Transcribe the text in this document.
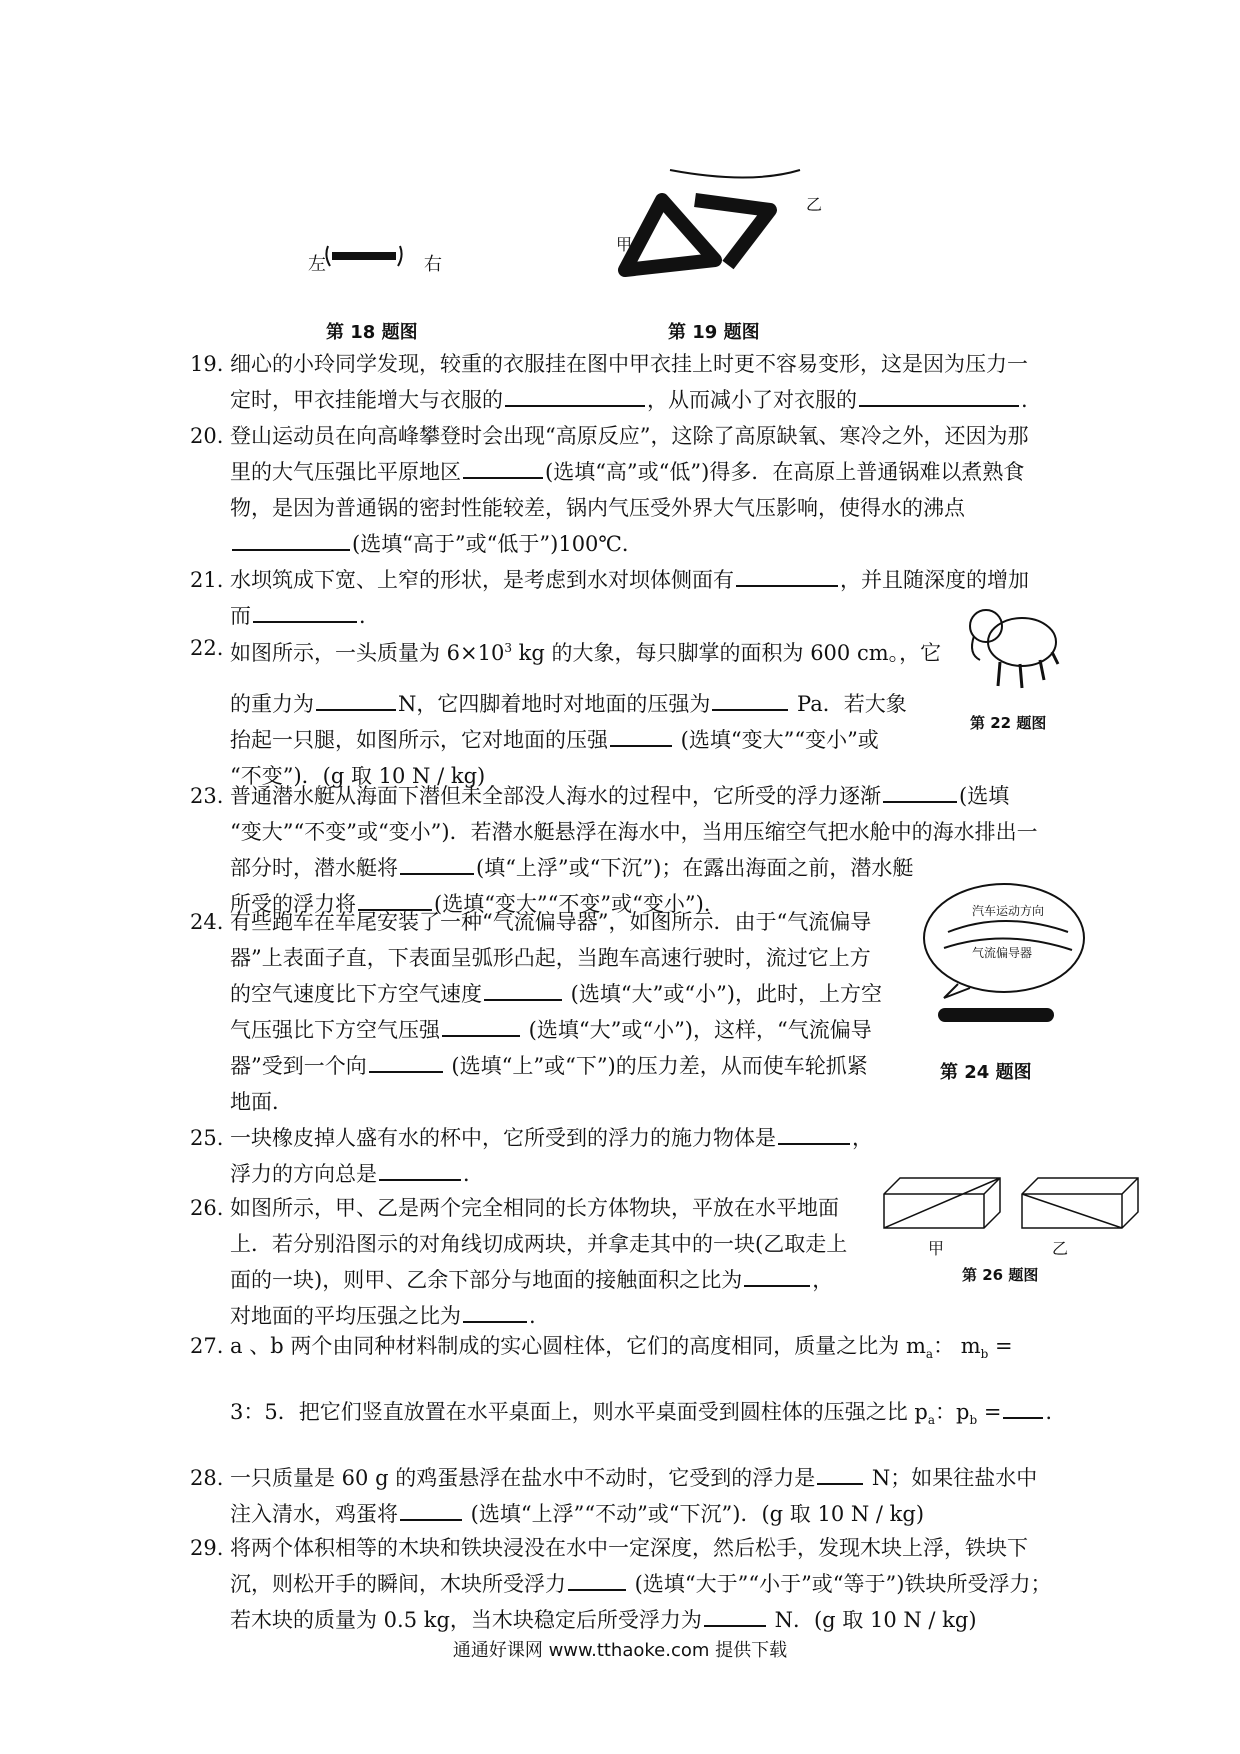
左	右
第 18 题图
甲
乙
第 19 题图
第 22 题图
汽车运动方向
气流偏导器
第 24 题图
甲	乙
第 26 题图
19. 细心的小玲同学发现，较重的衣服挂在图中甲衣挂上时更不容易变形，这是因为压力一
定时，甲衣挂能增大与衣服的	，从而减小了对衣服的	.
20. 登山运动员在向高峰攀登时会出现“高原反应”，这除了高原缺氧、寒冷之外，还因为那
里的大气压强比平原地区	(选填“高”或“低”)得多．在高原上普通锅难以煮熟食
物，是因为普通锅的密封性能较差，锅内气压受外界大气压影响，使得水的沸点
(选填“高于”或“低于”)100℃．
21. 水坝筑成下宽、上窄的形状，是考虑到水对坝体侧面有	，并且随深度的增加
而	．
22. 如图所示，一头质量为 $6\times 10^3$ kg 的大象，每只脚掌的面积为 600 cm。，它
的重力为	N，它四脚着地时对地面的压强为	Pa．若大象
抬起一只腿，如图所示，它对地面的压强	(选填“变大”“变小”或
“不变”)．(g 取 10 N / kg)
23. 普通潜水艇从海面下潜但未全部没人海水的过程中，它所受的浮力逐渐	(选填
“变大”“不变”或“变小”)．若潜水艇悬浮在海水中，当用压缩空气把水舱中的海水排出一
部分时，潜水艇将	(填“上浮”或“下沉”)；在露出海面之前，潜水艇
所受的浮力将	(选填“变大”“不变”或“变小”).
24. 有些跑车在车尾安装了一种“气流偏导器”，如图所示．由于“气流偏导
器”上表面子直，下表面呈弧形凸起，当跑车高速行驶时，流过它上方
的空气速度比下方空气速度	(选填“大”或“小”)，此时，上方空
气压强比下方空气压强	(选填“大”或“小”)，这样，“气流偏导
器”受到一个向	(选填“上”或“下”)的压力差，从而使车轮抓紧
地面．
25. 一块橡皮掉人盛有水的杯中，它所受到的浮力的施力物体是	，
浮力的方向总是	．
26. 如图所示，甲、乙是两个完全相同的长方体物块，平放在水平地面
上．若分别沿图示的对角线切成两块，并拿走其中的一块(乙取走上
面的一块)，则甲、乙余下部分与地面的接触面积之比为	，
对地面的平均压强之比为	.
27. a 、b 两个由同种材料制成的实心圆柱体，它们的高度相同，质量之比为 $m_a$： $m_b$ =
3：5．把它们竖直放置在水平桌面上，则水平桌面受到圆柱体的压强之比 $p_a$：$p_b$ = .
28. 一只质量是 60 g 的鸡蛋悬浮在盐水中不动时，它受到的浮力是 N；如果往盐水中
注入清水，鸡蛋将	(选填“上浮”“不动”或“下沉”)．(g 取 10 N / kg)
29. 将两个体积相等的木块和铁块浸没在水中一定深度，然后松手，发现木块上浮，铁块下
沉，则松开手的瞬间，木块所受浮力	(选填“大于”“小于”或“等于”)铁块所受浮力；
若木块的质量为 0.5 kg，当木块稳定后所受浮力为	N．(g 取 10 N / kg)
通通好课网 www.tthaoke.com 提供下载
